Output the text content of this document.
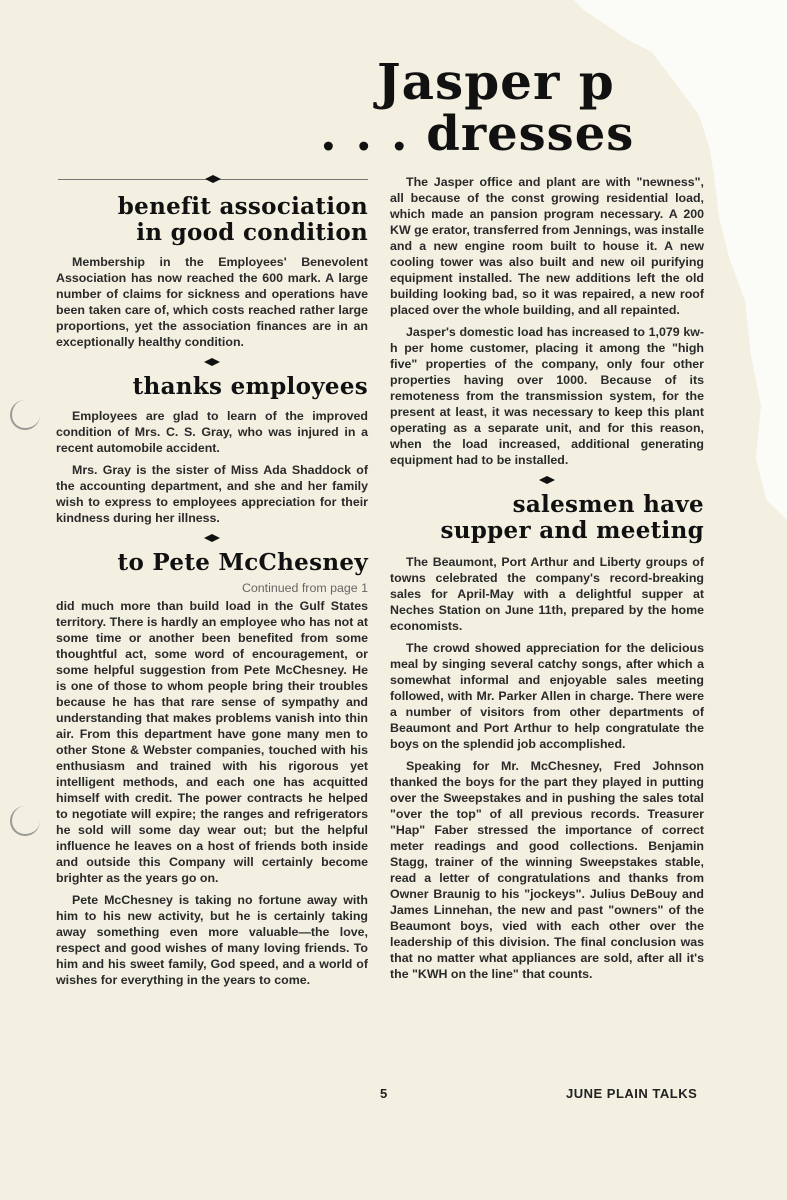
Jasper p
. . . dresses
benefit association
in good condition

Membership in the Employees' Benevolent Association has now reached the 600 mark. A large number of claims for sickness and operations have been taken care of, which costs reached rather large proportions, yet the association finances are in an exceptionally healthy condition.

thanks employees

Employees are glad to learn of the improved condition of Mrs. C. S. Gray, who was injured in a recent automobile accident.

Mrs. Gray is the sister of Miss Ada Shaddock of the accounting department, and she and her family wish to express to employees appreciation for their kindness during her illness.

to Pete McChesney
Continued from page 1

did much more than build load in the Gulf States territory. There is hardly an employee who has not at some time or another been benefited from some thoughtful act, some word of encouragement, or some helpful suggestion from Pete McChesney. He is one of those to whom people bring their troubles because he has that rare sense of sympathy and understanding that makes problems vanish into thin air. From this department have gone many men to other Stone & Webster companies, touched with his enthusiasm and trained with his rigorous yet intelligent methods, and each one has acquitted himself with credit. The power contracts he helped to negotiate will expire; the ranges and refrigerators he sold will some day wear out; but the helpful influence he leaves on a host of friends both inside and outside this Company will certainly become brighter as the years go on.

Pete McChesney is taking no fortune away with him to his new activity, but he is certainly taking away something even more valuable—the love, respect and good wishes of many loving friends. To him and his sweet family, God speed, and a world of wishes for everything in the years to come.

The Jasper office and plant are with "newness", all because of the const growing residential load, which made an pansion program necessary. A 200 KW ge erator, transferred from Jennings, was installe and a new engine room built to house it. A new cooling tower was also built and new oil purifying equipment installed. The new additions left the old building looking bad, so it was repaired, a new roof placed over the whole building, and all repainted.

Jasper's domestic load has increased to 1,079 kw-h per home customer, placing it among the "high five" properties of the company, only four other properties having over 1000. Because of its remoteness from the transmission system, for the present at least, it was necessary to keep this plant operating as a separate unit, and for this reason, when the load increased, additional generating equipment had to be installed.

salesmen have
supper and meeting

The Beaumont, Port Arthur and Liberty groups of towns celebrated the company's record-breaking sales for April-May with a delightful supper at Neches Station on June 11th, prepared by the home economists.

The crowd showed appreciation for the delicious meal by singing several catchy songs, after which a somewhat informal and enjoyable sales meeting followed, with Mr. Parker Allen in charge. There were a number of visitors from other departments of Beaumont and Port Arthur to help congratulate the boys on the splendid job accomplished.

Speaking for Mr. McChesney, Fred Johnson thanked the boys for the part they played in putting over the Sweepstakes and in pushing the sales total "over the top" of all previous records. Treasurer "Hap" Faber stressed the importance of correct meter readings and good collections. Benjamin Stagg, trainer of the winning Sweepstakes stable, read a letter of congratulations and thanks from Owner Braunig to his "jockeys". Julius DeBouy and James Linnehan, the new and past "owners" of the Beaumont boys, vied with each other over the leadership of this division. The final conclusion was that no matter what appliances are sold, after all it's the "KWH on the line" that counts.

5	JUNE PLAIN TALKS
